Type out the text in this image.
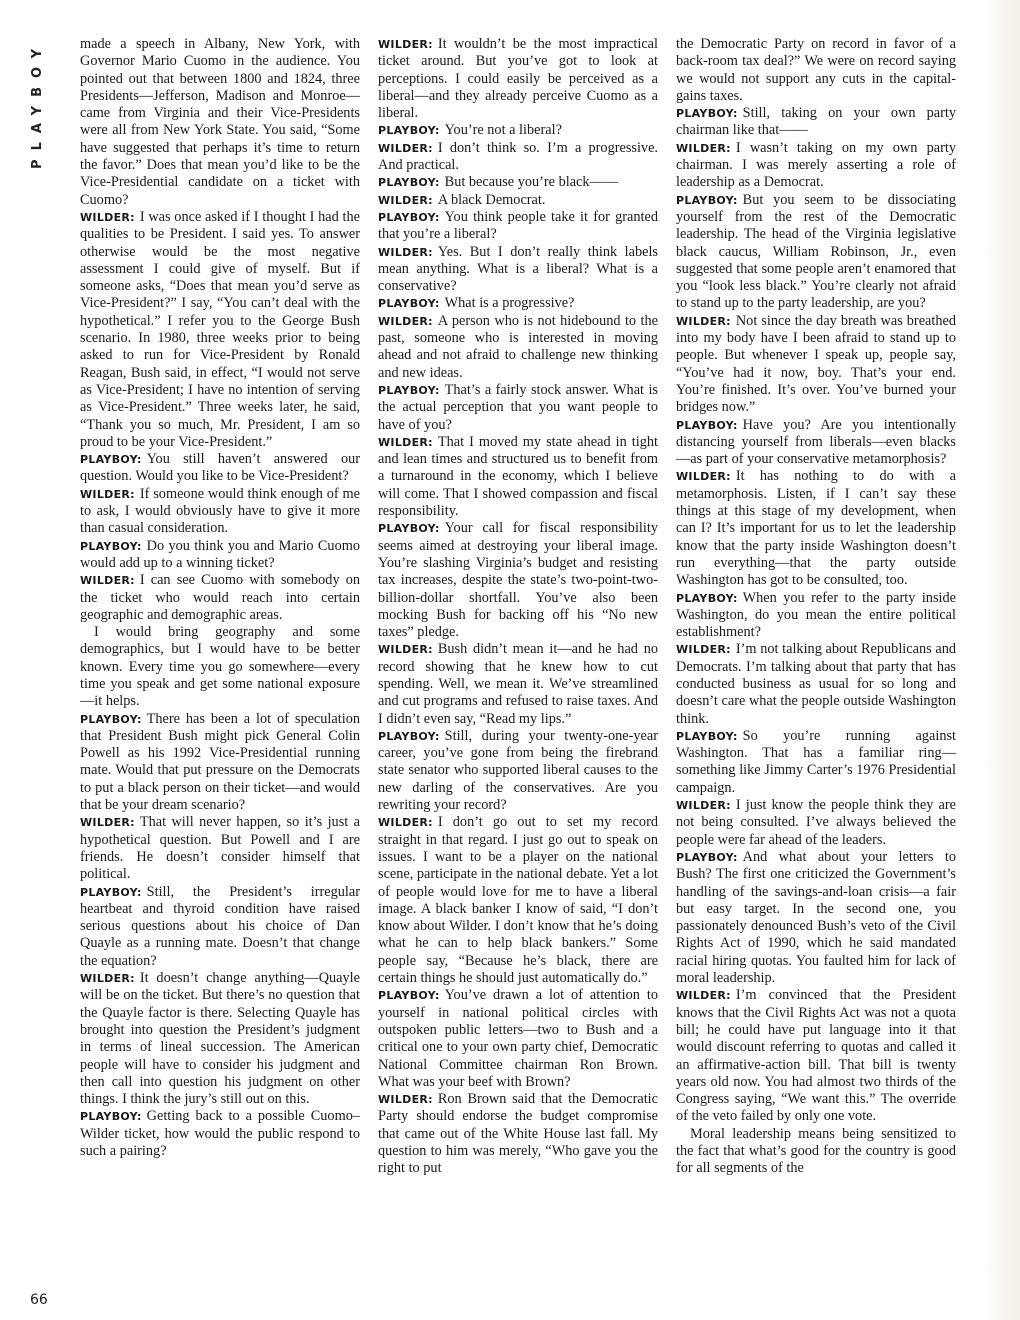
PLAYBOY
66

made a speech in Albany, New York, with Governor Mario Cuomo in the audience. You pointed out that between 1800 and 1824, three Presidents—Jefferson, Madison and Monroe—came from Virginia and their Vice-Presidents were all from New York State. You said, “Some have suggested that perhaps it’s time to return the favor.” Does that mean you’d like to be the Vice-Presidential candidate on a ticket with Cuomo?

WILDER: I was once asked if I thought I had the qualities to be President. I said yes. To answer otherwise would be the most negative assessment I could give of myself. But if someone asks, “Does that mean you’d serve as Vice-President?” I say, “You can’t deal with the hypothetical.” I refer you to the George Bush scenario. In 1980, three weeks prior to being asked to run for Vice-President by Ronald Reagan, Bush said, in effect, “I would not serve as Vice-President; I have no intention of serving as Vice-President.” Three weeks later, he said, “Thank you so much, Mr. President, I am so proud to be your Vice-President.”

PLAYBOY: You still haven’t answered our question. Would you like to be Vice-President?

WILDER: If someone would think enough of me to ask, I would obviously have to give it more than casual consideration.

PLAYBOY: Do you think you and Mario Cuomo would add up to a winning ticket?

WILDER: I can see Cuomo with somebody on the ticket who would reach into certain geographic and demographic areas.

I would bring geography and some demographics, but I would have to be better known. Every time you go somewhere—every time you speak and get some national exposure—it helps.

PLAYBOY: There has been a lot of speculation that President Bush might pick General Colin Powell as his 1992 Vice-Presidential running mate. Would that put pressure on the Democrats to put a black person on their ticket—and would that be your dream scenario?

WILDER: That will never happen, so it’s just a hypothetical question. But Powell and I are friends. He doesn’t consider himself that political.

PLAYBOY: Still, the President’s irregular heartbeat and thyroid condition have raised serious questions about his choice of Dan Quayle as a running mate. Doesn’t that change the equation?

WILDER: It doesn’t change anything—Quayle will be on the ticket. But there’s no question that the Quayle factor is there. Selecting Quayle has brought into question the President’s judgment in terms of lineal succession. The American people will have to consider his judgment and then call into question his judgment on other things. I think the jury’s still out on this.

PLAYBOY: Getting back to a possible Cuomo–Wilder ticket, how would the public respond to such a pairing?

WILDER: It wouldn’t be the most impractical ticket around. But you’ve got to look at perceptions. I could easily be perceived as a liberal—and they already perceive Cuomo as a liberal.

PLAYBOY: You’re not a liberal?

WILDER: I don’t think so. I’m a progressive. And practical.

PLAYBOY: But because you’re black——

WILDER: A black Democrat.

PLAYBOY: You think people take it for granted that you’re a liberal?

WILDER: Yes. But I don’t really think labels mean anything. What is a liberal? What is a conservative?

PLAYBOY: What is a progressive?

WILDER: A person who is not hidebound to the past, someone who is interested in moving ahead and not afraid to challenge new thinking and new ideas.

PLAYBOY: That’s a fairly stock answer. What is the actual perception that you want people to have of you?

WILDER: That I moved my state ahead in tight and lean times and structured us to benefit from a turnaround in the economy, which I believe will come. That I showed compassion and fiscal responsibility.

PLAYBOY: Your call for fiscal responsibility seems aimed at destroying your liberal image. You’re slashing Virginia’s budget and resisting tax increases, despite the state’s two-point-two-billion-dollar shortfall. You’ve also been mocking Bush for backing off his “No new taxes” pledge.

WILDER: Bush didn’t mean it—and he had no record showing that he knew how to cut spending. Well, we mean it. We’ve streamlined and cut programs and refused to raise taxes. And I didn’t even say, “Read my lips.”

PLAYBOY: Still, during your twenty-one-year career, you’ve gone from being the firebrand state senator who supported liberal causes to the new darling of the conservatives. Are you rewriting your record?

WILDER: I don’t go out to set my record straight in that regard. I just go out to speak on issues. I want to be a player on the national scene, participate in the national debate. Yet a lot of people would love for me to have a liberal image. A black banker I know of said, “I don’t know about Wilder. I don’t know that he’s doing what he can to help black bankers.” Some people say, “Because he’s black, there are certain things he should just automatically do.”

PLAYBOY: You’ve drawn a lot of attention to yourself in national political circles with outspoken public letters—two to Bush and a critical one to your own party chief, Democratic National Committee chairman Ron Brown. What was your beef with Brown?

WILDER: Ron Brown said that the Democratic Party should endorse the budget compromise that came out of the White House last fall. My question to him was merely, “Who gave you the right to put

the Democratic Party on record in favor of a back-room tax deal?” We were on record saying we would not support any cuts in the capital-gains taxes.

PLAYBOY: Still, taking on your own party chairman like that——

WILDER: I wasn’t taking on my own party chairman. I was merely asserting a role of leadership as a Democrat.

PLAYBOY: But you seem to be dissociating yourself from the rest of the Democratic leadership. The head of the Virginia legislative black caucus, William Robinson, Jr., even suggested that some people aren’t enamored that you “look less black.” You’re clearly not afraid to stand up to the party leadership, are you?

WILDER: Not since the day breath was breathed into my body have I been afraid to stand up to people. But whenever I speak up, people say, “You’ve had it now, boy. That’s your end. You’re finished. It’s over. You’ve burned your bridges now.”

PLAYBOY: Have you? Are you intentionally distancing yourself from liberals—even blacks—as part of your conservative metamorphosis?

WILDER: It has nothing to do with a metamorphosis. Listen, if I can’t say these things at this stage of my development, when can I? It’s important for us to let the leadership know that the party inside Washington doesn’t run everything—that the party outside Washington has got to be consulted, too.

PLAYBOY: When you refer to the party inside Washington, do you mean the entire political establishment?

WILDER: I’m not talking about Republicans and Democrats. I’m talking about that party that has conducted business as usual for so long and doesn’t care what the people outside Washington think.

PLAYBOY: So you’re running against Washington. That has a familiar ring—something like Jimmy Carter’s 1976 Presidential campaign.

WILDER: I just know the people think they are not being consulted. I’ve always believed the people were far ahead of the leaders.

PLAYBOY: And what about your letters to Bush? The first one criticized the Government’s handling of the savings-and-loan crisis—a fair but easy target. In the second one, you passionately denounced Bush’s veto of the Civil Rights Act of 1990, which he said mandated racial hiring quotas. You faulted him for lack of moral leadership.

WILDER: I’m convinced that the President knows that the Civil Rights Act was not a quota bill; he could have put language into it that would discount referring to quotas and called it an affirmative-action bill. That bill is twenty years old now. You had almost two thirds of the Congress saying, “We want this.” The override of the veto failed by only one vote.

Moral leadership means being sensitized to the fact that what’s good for the country is good for all segments of the
